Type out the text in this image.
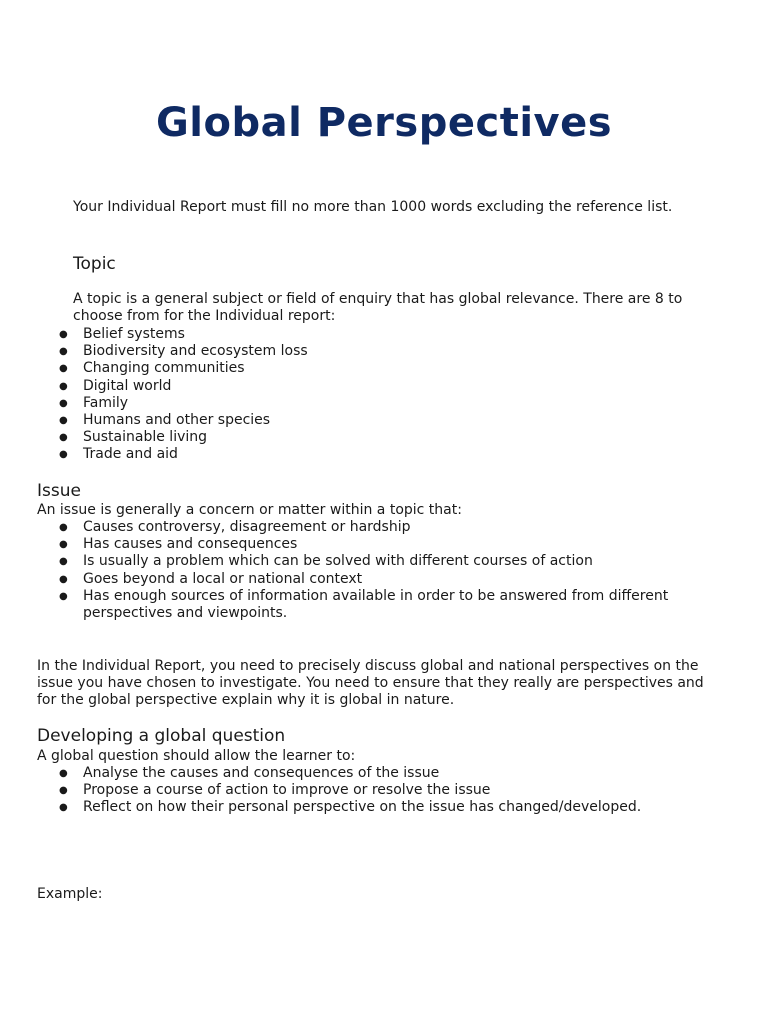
Global Perspectives

Your Individual Report must fill no more than 1000 words excluding the reference list.

Topic

A topic is a general subject or field of enquiry that has global relevance. There are 8 to choose from for the Individual report:

● Belief systems
● Biodiversity and ecosystem loss
● Changing communities
● Digital world
● Family
● Humans and other species
● Sustainable living
● Trade and aid

Issue

An issue is generally a concern or matter within a topic that:

● Causes controversy, disagreement or hardship
● Has causes and consequences
● Is usually a problem which can be solved with different courses of action
● Goes beyond a local or national context
● Has enough sources of information available in order to be answered from different perspectives and viewpoints.

In the Individual Report, you need to precisely discuss global and national perspectives on the issue you have chosen to investigate. You need to ensure that they really are perspectives and for the global perspective explain why it is global in nature.

Developing a global question

A global question should allow the learner to:

● Analyse the causes and consequences of the issue
● Propose a course of action to improve or resolve the issue
● Reflect on how their personal perspective on the issue has changed/developed.

Example:
